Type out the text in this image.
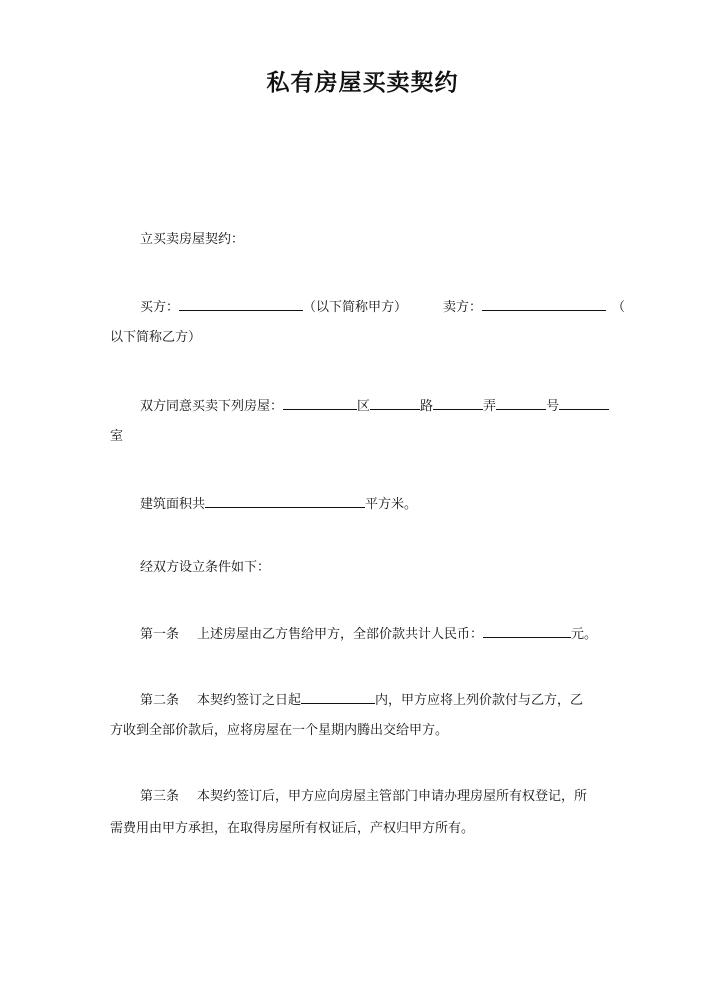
私有房屋买卖契约
立买卖房屋契约：
买方：	（以下简称甲方）	卖方：	（
以下简称乙方）
双方同意买卖下列房屋：	区	路	弄	号
室
建筑面积共	平方米。
经双方设立条件如下：
第一条 上述房屋由乙方售给甲方，全部价款共计人民币：	元。
第二条 本契约签订之日起	内，甲方应将上列价款付与乙方，乙
方收到全部价款后，应将房屋在一个星期内腾出交给甲方。
第三条 本契约签订后，甲方应向房屋主管部门申请办理房屋所有权登记，所
需费用由甲方承担，在取得房屋所有权证后，产权归甲方所有。
